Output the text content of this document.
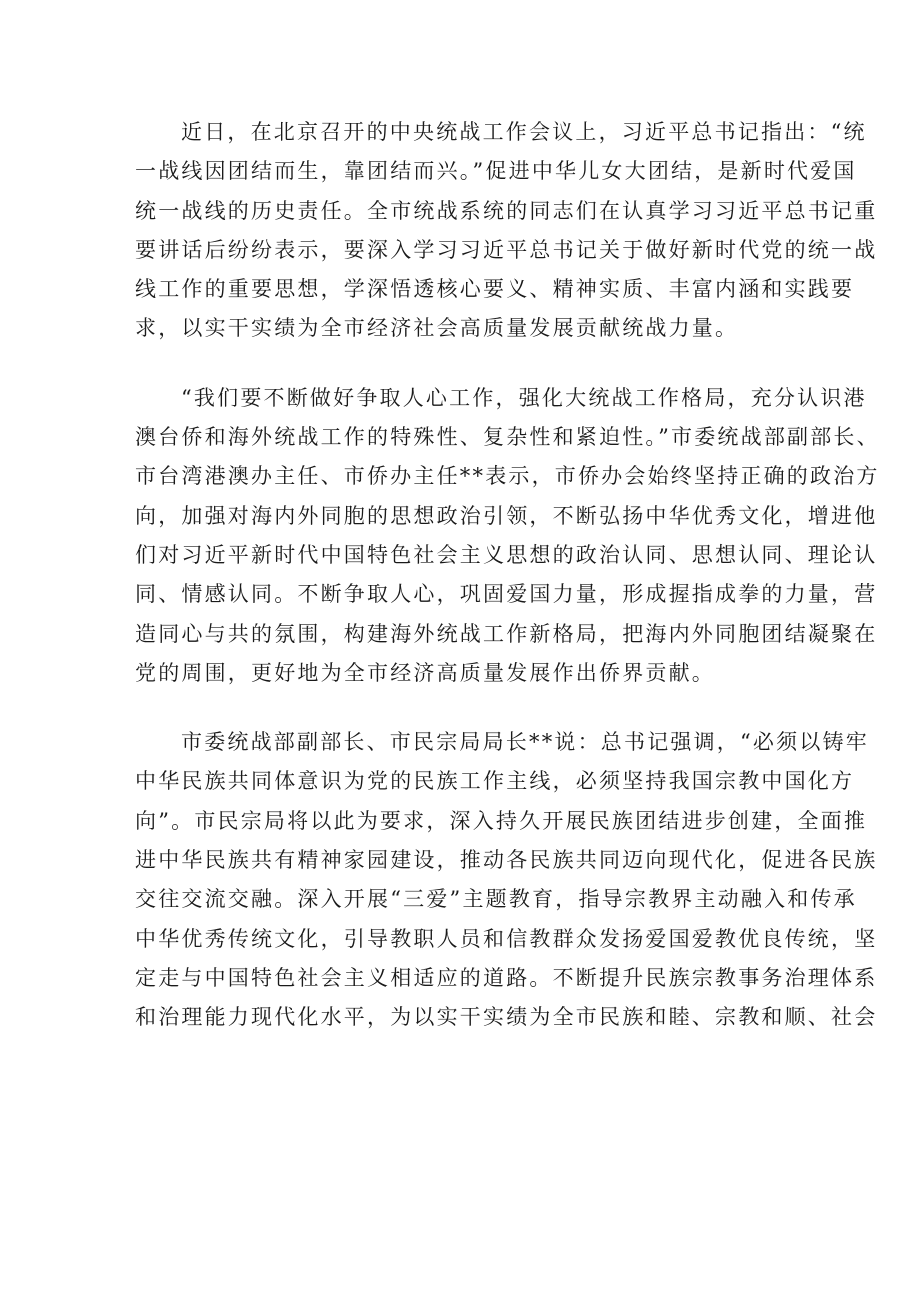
近日，在北京召开的中央统战工作会议上，习近平总书记指出：“统
一战线因团结而生，靠团结而兴。”促进中华儿女大团结，是新时代爱国
统一战线的历史责任。全市统战系统的同志们在认真学习习近平总书记重
要讲话后纷纷表示，要深入学习习近平总书记关于做好新时代党的统一战
线工作的重要思想，学深悟透核心要义、精神实质、丰富内涵和实践要
求，以实干实绩为全市经济社会高质量发展贡献统战力量。
“我们要不断做好争取人心工作，强化大统战工作格局，充分认识港
澳台侨和海外统战工作的特殊性、复杂性和紧迫性。”市委统战部副部长、
市台湾港澳办主任、市侨办主任**表示，市侨办会始终坚持正确的政治方
向，加强对海内外同胞的思想政治引领，不断弘扬中华优秀文化，增进他
们对习近平新时代中国特色社会主义思想的政治认同、思想认同、理论认
同、情感认同。不断争取人心，巩固爱国力量，形成握指成拳的力量，营
造同心与共的氛围，构建海外统战工作新格局，把海内外同胞团结凝聚在
党的周围，更好地为全市经济高质量发展作出侨界贡献。
市委统战部副部长、市民宗局局长**说：总书记强调，“必须以铸牢
中华民族共同体意识为党的民族工作主线，必须坚持我国宗教中国化方
向”。市民宗局将以此为要求，深入持久开展民族团结进步创建，全面推
进中华民族共有精神家园建设，推动各民族共同迈向现代化，促进各民族
交往交流交融。深入开展“三爱”主题教育，指导宗教界主动融入和传承
中华优秀传统文化，引导教职人员和信教群众发扬爱国爱教优良传统，坚
定走与中国特色社会主义相适应的道路。不断提升民族宗教事务治理体系
和治理能力现代化水平，为以实干实绩为全市民族和睦、宗教和顺、社会
